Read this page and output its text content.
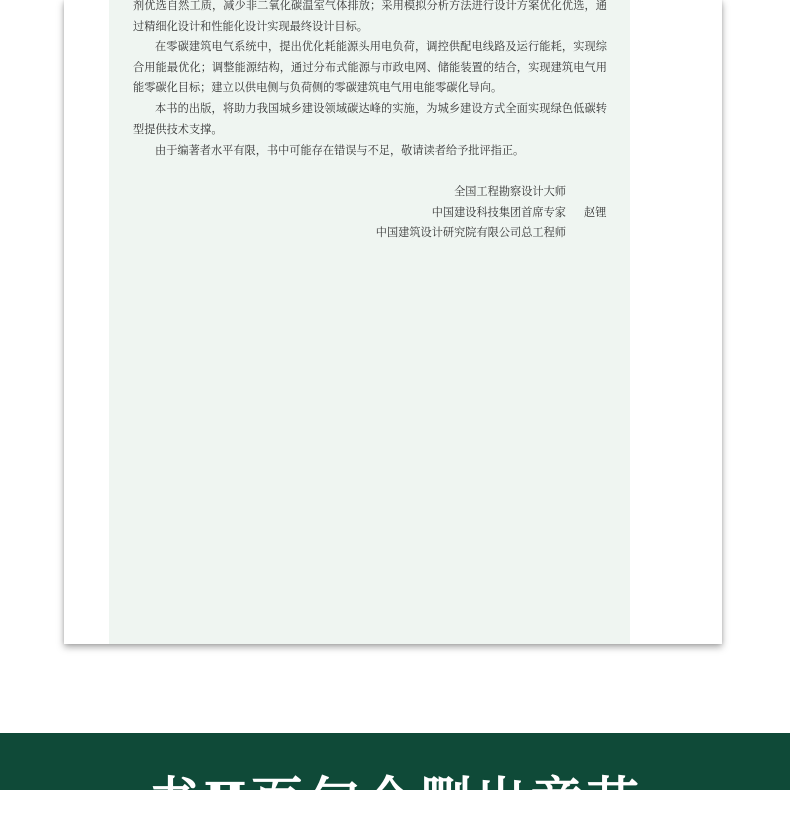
剂优选自然工质，减少非二氧化碳温室气体排放；采用模拟分析方法进行设计方案优化优选，通过精细化设计和性能化设计实现最终设计目标。

在零碳建筑电气系统中，提出优化耗能源头用电负荷，调控供配电线路及运行能耗，实现综合用能最优化；调整能源结构，通过分布式能源与市政电网、储能装置的结合，实现建筑电气用能零碳化目标；建立以供电侧与负荷侧的零碳建筑电气用电能零碳化导向。

本书的出版，将助力我国城乡建设领域碳达峰的实施，为城乡建设方式全面实现绿色低碳转型提供技术支撑。

由于编著者水平有限，书中可能存在错误与不足，敬请读者给予批评指正。

全国工程勘察设计大师
中国建设科技集团首席专家 赵锂
中国建筑设计研究院有限公司总工程师
书Ⅱ页句今删出章节
